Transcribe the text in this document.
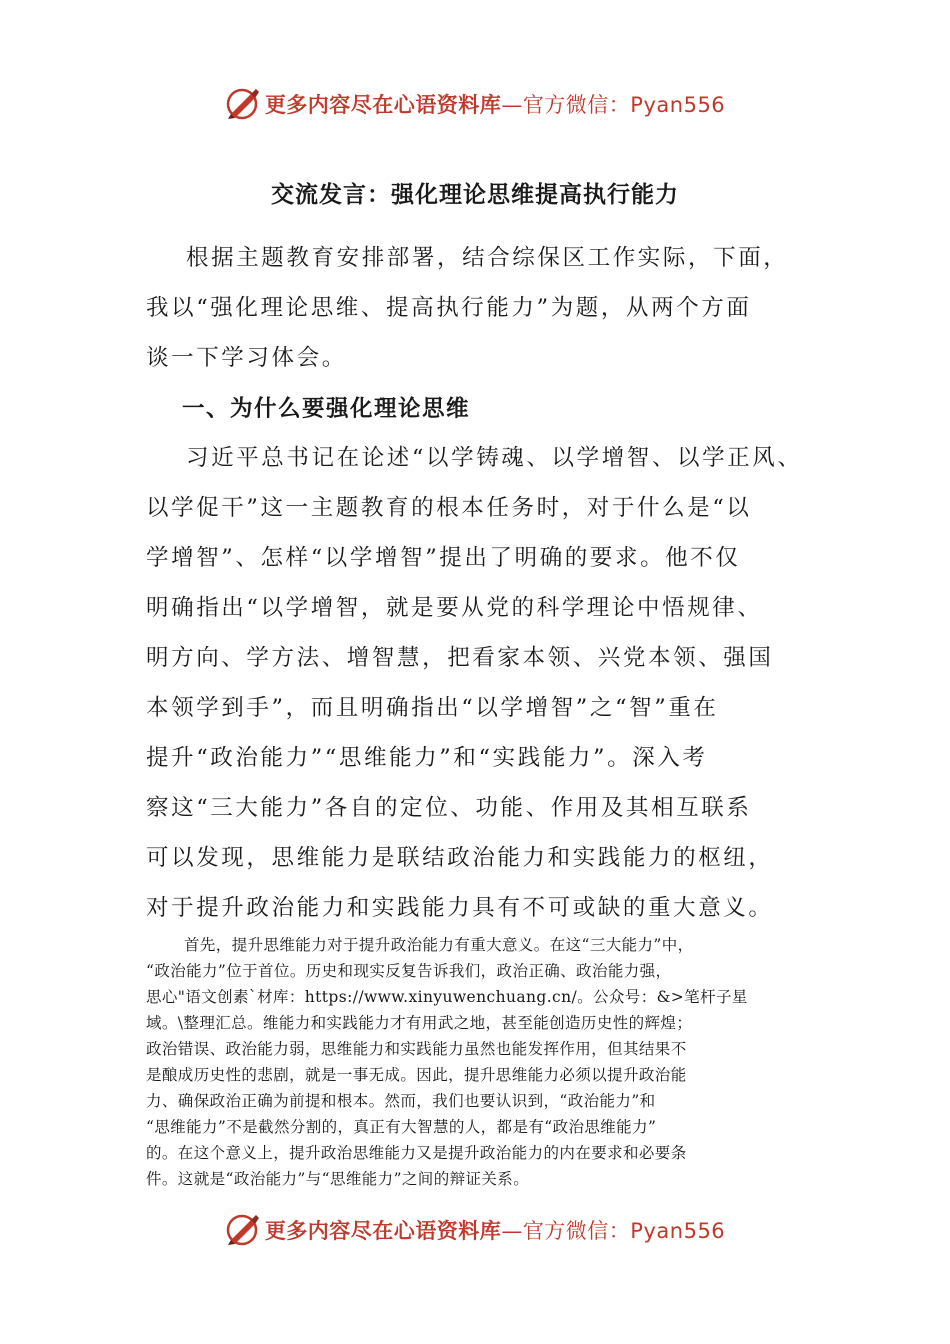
更多内容尽在心语资料库—官方微信：Pyan556
交流发言：强化理论思维提高执行能力
根据主题教育安排部署，结合综保区工作实际，下面，
我以“强化理论思维、提高执行能力”为题，从两个方面
谈一下学习体会。
一、为什么要强化理论思维
习近平总书记在论述“以学铸魂、以学增智、以学正风、
以学促干”这一主题教育的根本任务时，对于什么是“以
学增智”、怎样“以学增智”提出了明确的要求。他不仅
明确指出“以学增智，就是要从党的科学理论中悟规律、
明方向、学方法、增智慧，把看家本领、兴党本领、强国
本领学到手”，而且明确指出“以学增智”之“智”重在
提升“政治能力”“思维能力”和“实践能力”。深入考
察这“三大能力”各自的定位、功能、作用及其相互联系
可以发现，思维能力是联结政治能力和实践能力的枢纽，
对于提升政治能力和实践能力具有不可或缺的重大意义。
首先，提升思维能力对于提升政治能力有重大意义。在这“三大能力”中，
“政治能力”位于首位。历史和现实反复告诉我们，政治正确、政治能力强，
思心"语文创素`材库：https://www.xinyuwenchuang.cn/。公众号：&>笔杆子星
域。\整理汇总。维能力和实践能力才有用武之地，甚至能创造历史性的辉煌；
政治错误、政治能力弱，思维能力和实践能力虽然也能发挥作用，但其结果不
是酿成历史性的悲剧，就是一事无成。因此，提升思维能力必须以提升政治能
力、确保政治正确为前提和根本。然而，我们也要认识到，“政治能力”和
“思维能力”不是截然分割的，真正有大智慧的人，都是有“政治思维能力”
的。在这个意义上，提升政治思维能力又是提升政治能力的内在要求和必要条
件。这就是“政治能力”与“思维能力”之间的辩证关系。
更多内容尽在心语资料库—官方微信：Pyan556
